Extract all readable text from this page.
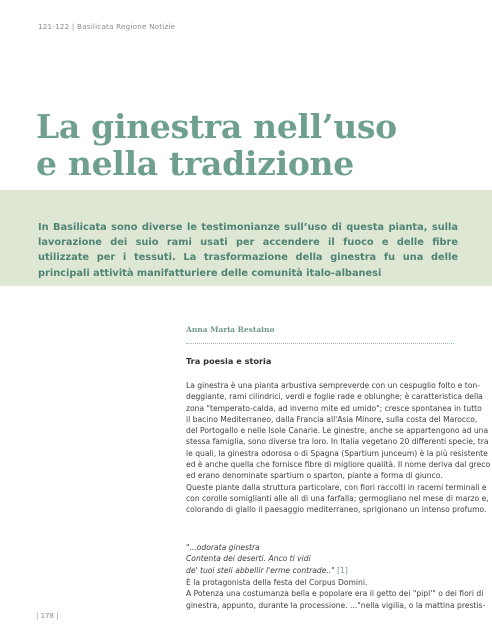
121-122 | Basilicata Regione Notizie
La ginestra nell’uso
e nella tradizione
In Basilicata sono diverse le testimonianze sull’uso di questa pianta, sulla lavorazione dei suio rami usati per accendere il fuoco e delle fibre utilizzate per i tessuti. La trasformazione della ginestra fu una delle principali attività manifatturiere delle comunità italo-albanesi
Anna Maria Restaino
Tra poesia e storia
La ginestra è una pianta arbustiva sempreverde con un cespuglio folto e ton-
deggiante, rami cilindrici, verdi e foglie rade e oblunghe; è caratteristica della
zona "temperato-calda, ad inverno mite ed umido"; cresce spontanea in tutto
il bacino Mediterraneo, dalla Francia all'Asia Minore, sulla costa del Marocco,
del Portogallo e nelle Isole Canarie. Le ginestre, anche se appartengono ad una
stessa famiglia, sono diverse tra loro. In Italia vegetano 20 differenti specie, tra
le quali, la ginestra odorosa o di Spagna (Spartium junceum) è la più resistente
ed è anche quella che fornisce fibre di migliore qualità. Il nome deriva dal greco
ed erano denominate spartium o sparton, piante a forma di giunco.
Queste piante dalla struttura particolare, con fiori raccolti in racemi terminali e
con corolle somiglianti alle ali di una farfalla; germogliano nel mese di marzo e,
colorando di giallo il paesaggio mediterraneo, sprigionano un intenso profumo.
"...odorata ginestra
Contenta dei deserti. Anco ti vidi
de' tuoi steli abbellir l'erme contrade.." [1]
È la protagonista della festa del Corpus Domini.
A Potenza una costumanza bella e popolare era il getto dei "pipl'" o dei fiori di
ginestra, appunto, durante la processione. ..."nella vigilia, o la mattina prestis-
| 178 |
